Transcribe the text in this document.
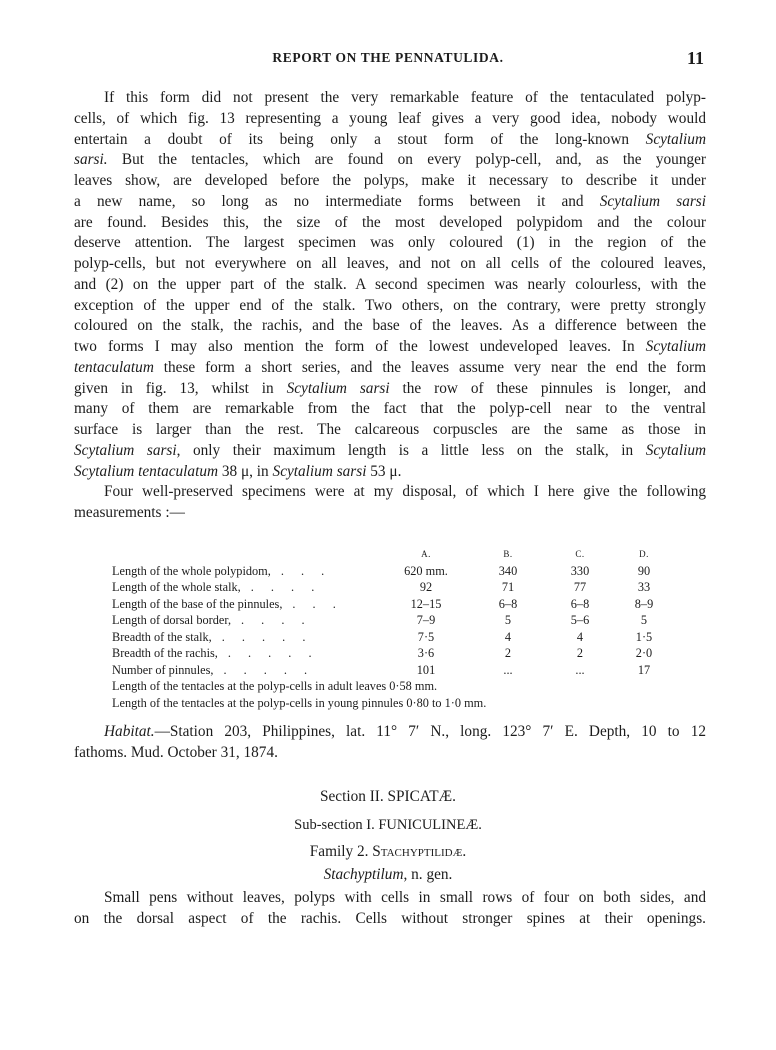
REPORT ON THE PENNATULIDA.	11
If this form did not present the very remarkable feature of the tentaculated polyp-
cells, of which fig. 13 representing a young leaf gives a very good idea, nobody would
entertain a doubt of its being only a stout form of the long-known Scytalium
sarsi. But the tentacles, which are found on every polyp-cell, and, as the younger
leaves show, are developed before the polyps, make it necessary to describe it under
a new name, so long as no intermediate forms between it and Scytalium sarsi
are found. Besides this, the size of the most developed polypidom and the colour
deserve attention. The largest specimen was only coloured (1) in the region of the
polyp-cells, but not everywhere on all leaves, and not on all cells of the coloured leaves,
and (2) on the upper part of the stalk. A second specimen was nearly colourless, with the
exception of the upper end of the stalk. Two others, on the contrary, were pretty strongly
coloured on the stalk, the rachis, and the base of the leaves. As a difference between the
two forms I may also mention the form of the lowest undeveloped leaves. In Scytalium
tentaculatum these form a short series, and the leaves assume very near the end the form
given in fig. 13, whilst in Scytalium sarsi the row of these pinnules is longer, and
many of them are remarkable from the fact that the polyp-cell near to the ventral
surface is larger than the rest. The calcareous corpuscles are the same as those in
Scytalium sarsi, only their maximum length is a little less on the stalk, in Scytalium
Scytalium tentaculatum 38 μ, in Scytalium sarsi 53 μ.
Four well-preserved specimens were at my disposal, of which I here give the following
measurements :—
	A.	B.	C.	D.
Length of the whole polypidom, . . .	620 mm.	340	330	90
Length of the whole stalk, . . . .	92	71	77	33
Length of the base of the pinnules, . . .	12–15	6–8	6–8	8–9
Length of dorsal border, . . . .	7–9	5	5–6	5
Breadth of the stalk, . . . . .	7·5	4	4	1·5
Breadth of the rachis, . . . . .	3·6	2	2	2·0
Number of pinnules, . . . . .	101	...	...	17
Length of the tentacles at the polyp-cells in adult leaves 0·58 mm.				
Length of the tentacles at the polyp-cells in young pinnules 0·80 to 1·0 mm.				
Habitat.—Station 203, Philippines, lat. 11° 7′ N., long. 123° 7′ E. Depth, 10 to 12
fathoms. Mud. October 31, 1874.
Section II. SPICATÆ.
Sub-section I. FUNICULINEÆ.
Family 2. Stachyptilidæ.
Stachyptilum, n. gen.
Small pens without leaves, polyps with cells in small rows of four on both sides, and
on the dorsal aspect of the rachis. Cells without stronger spines at their openings.
